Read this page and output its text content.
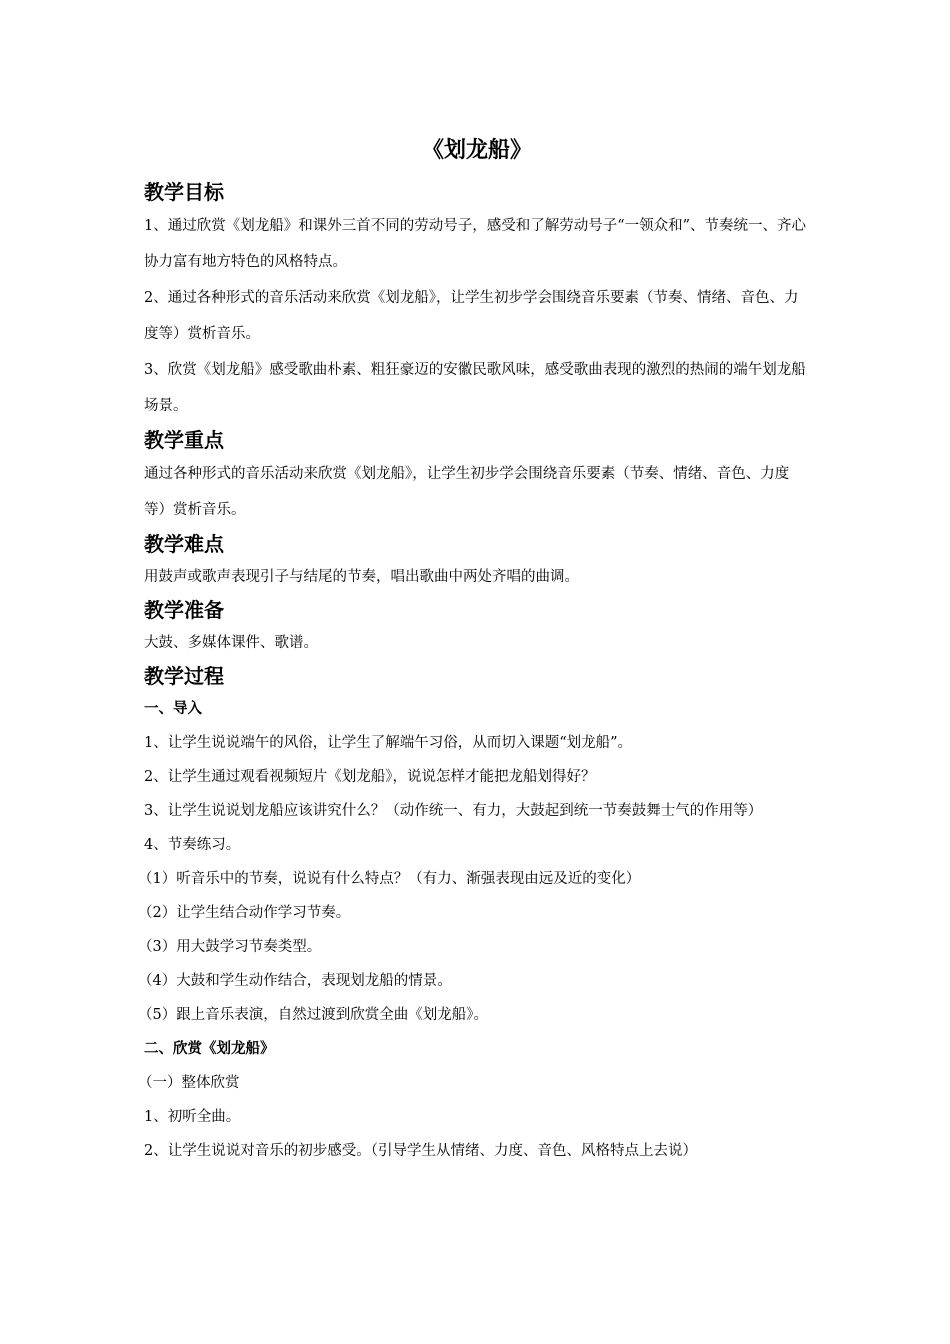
《划龙船》
教学目标
1、通过欣赏《划龙船》和课外三首不同的劳动号子，感受和了解劳动号子“一领众和”、节奏统一、齐心协力富有地方特色的风格特点。
2、通过各种形式的音乐活动来欣赏《划龙船》，让学生初步学会围绕音乐要素（节奏、情绪、音色、力度等）赏析音乐。
3、欣赏《划龙船》感受歌曲朴素、粗狂豪迈的安徽民歌风味，感受歌曲表现的激烈的热闹的端午划龙船场景。
教学重点
通过各种形式的音乐活动来欣赏《划龙船》，让学生初步学会围绕音乐要素（节奏、情绪、音色、力度等）赏析音乐。
教学难点
用鼓声或歌声表现引子与结尾的节奏，唱出歌曲中两处齐唱的曲调。
教学准备
大鼓、多媒体课件、歌谱。
教学过程
一、导入
1、让学生说说端午的风俗，让学生了解端午习俗，从而切入课题“划龙船”。
2、让学生通过观看视频短片《划龙船》，说说怎样才能把龙船划得好？
3、让学生说说划龙船应该讲究什么？（动作统一、有力，大鼓起到统一节奏鼓舞士气的作用等）
4、节奏练习。
（1）听音乐中的节奏，说说有什么特点？（有力、渐强表现由远及近的变化）
（2）让学生结合动作学习节奏。
（3）用大鼓学习节奏类型。
（4）大鼓和学生动作结合，表现划龙船的情景。
（5）跟上音乐表演，自然过渡到欣赏全曲《划龙船》。
二、欣赏《划龙船》
（一）整体欣赏
1、初听全曲。
2、让学生说说对音乐的初步感受。（引导学生从情绪、力度、音色、风格特点上去说）
